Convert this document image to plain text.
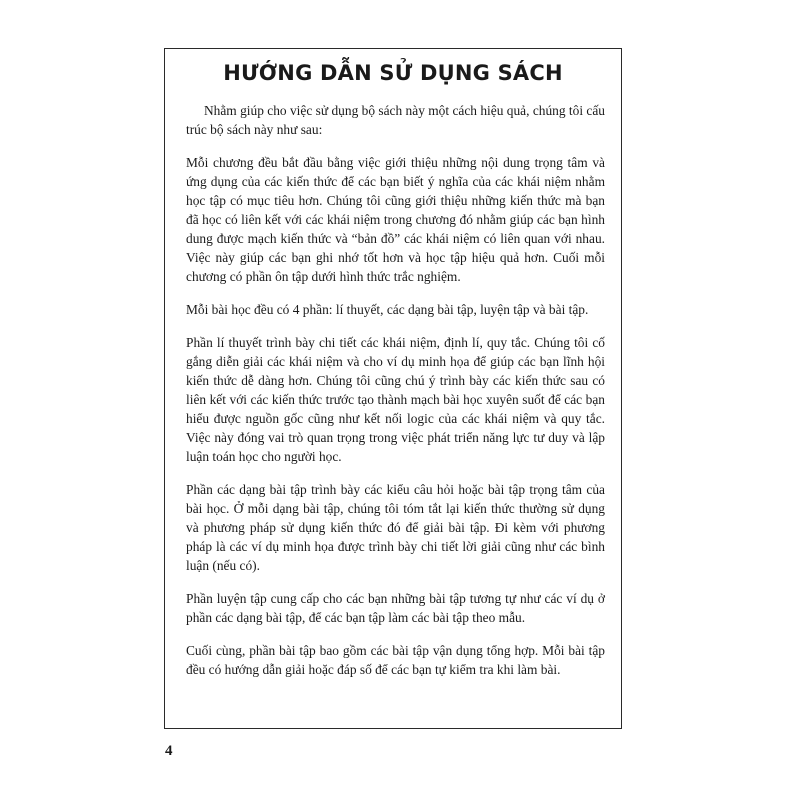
HƯỚNG DẪN SỬ DỤNG SÁCH

Nhằm giúp cho việc sử dụng bộ sách này một cách hiệu quả, chúng tôi cấu trúc bộ sách này như sau:

Mỗi chương đều bắt đầu bằng việc giới thiệu những nội dung trọng tâm và ứng dụng của các kiến thức để các bạn biết ý nghĩa của các khái niệm nhằm học tập có mục tiêu hơn. Chúng tôi cũng giới thiệu những kiến thức mà bạn đã học có liên kết với các khái niệm trong chương đó nhằm giúp các bạn hình dung được mạch kiến thức và “bản đồ” các khái niệm có liên quan với nhau. Việc này giúp các bạn ghi nhớ tốt hơn và học tập hiệu quả hơn. Cuối mỗi chương có phần ôn tập dưới hình thức trắc nghiệm.

Mỗi bài học đều có 4 phần: lí thuyết, các dạng bài tập, luyện tập và bài tập.

Phần lí thuyết trình bày chi tiết các khái niệm, định lí, quy tắc. Chúng tôi cố gắng diễn giải các khái niệm và cho ví dụ minh họa để giúp các bạn lĩnh hội kiến thức dễ dàng hơn. Chúng tôi cũng chú ý trình bày các kiến thức sau có liên kết với các kiến thức trước tạo thành mạch bài học xuyên suốt để các bạn hiểu được nguồn gốc cũng như kết nối logic của các khái niệm và quy tắc. Việc này đóng vai trò quan trọng trong việc phát triển năng lực tư duy và lập luận toán học cho người học.

Phần các dạng bài tập trình bày các kiểu câu hỏi hoặc bài tập trọng tâm của bài học. Ở mỗi dạng bài tập, chúng tôi tóm tắt lại kiến thức thường sử dụng và phương pháp sử dụng kiến thức đó để giải bài tập. Đi kèm với phương pháp là các ví dụ minh họa được trình bày chi tiết lời giải cũng như các bình luận (nếu có).

Phần luyện tập cung cấp cho các bạn những bài tập tương tự như các ví dụ ở phần các dạng bài tập, để các bạn tập làm các bài tập theo mẫu.

Cuối cùng, phần bài tập bao gồm các bài tập vận dụng tổng hợp. Mỗi bài tập đều có hướng dẫn giải hoặc đáp số để các bạn tự kiểm tra khi làm bài.

4
